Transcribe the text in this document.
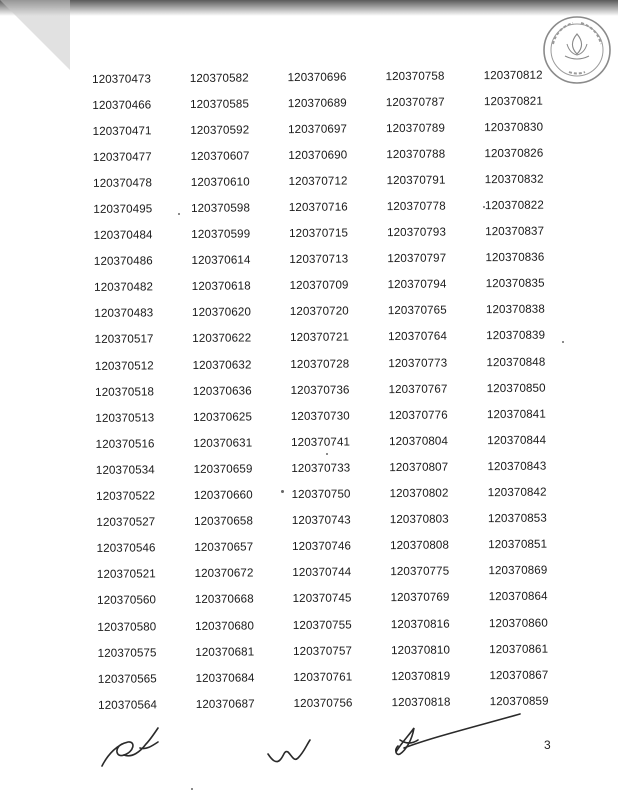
120370473	120370582	120370696	120370758	120370812
120370466	120370585	120370689	120370787	120370821
120370471	120370592	120370697	120370789	120370830
120370477	120370607	120370690	120370788	120370826
120370478	120370610	120370712	120370791	120370832
120370495	120370598	120370716	120370778	120370822
120370484	120370599	120370715	120370793	120370837
120370486	120370614	120370713	120370797	120370836
120370482	120370618	120370709	120370794	120370835
120370483	120370620	120370720	120370765	120370838
120370517	120370622	120370721	120370764	120370839
120370512	120370632	120370728	120370773	120370848
120370518	120370636	120370736	120370767	120370850
120370513	120370625	120370730	120370776	120370841
120370516	120370631	120370741	120370804	120370844
120370534	120370659	120370733	120370807	120370843
120370522	120370660	120370750	120370802	120370842
120370527	120370658	120370743	120370803	120370853
120370546	120370657	120370746	120370808	120370851
120370521	120370672	120370744	120370775	120370869
120370560	120370668	120370745	120370769	120370864
120370580	120370680	120370755	120370816	120370860
120370575	120370681	120370757	120370810	120370861
120370565	120370684	120370761	120370819	120370867
120370564	120370687	120370756	120370818	120370859
3
